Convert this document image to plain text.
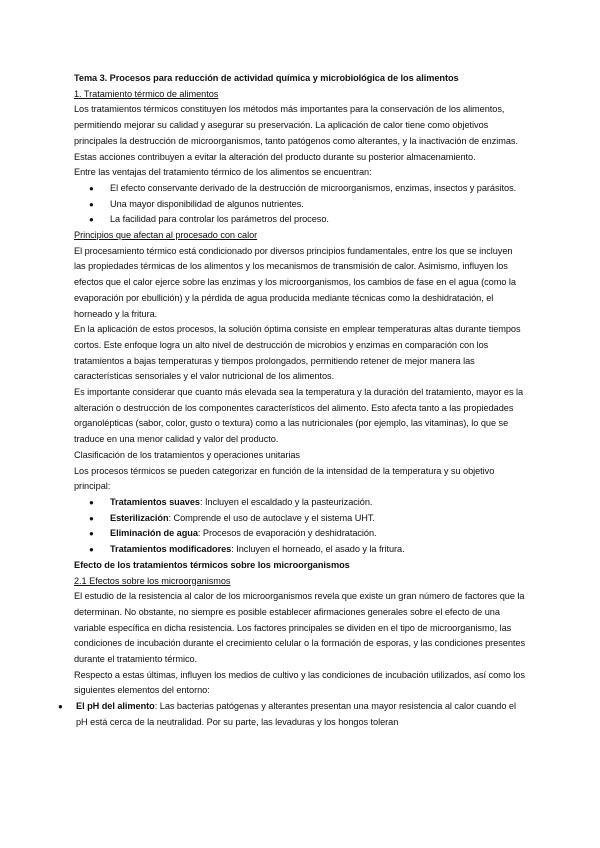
Tema 3. Procesos para reducción de actividad química y microbiológica de los alimentos

1. Tratamiento térmico de alimentos

Los tratamientos térmicos constituyen los métodos más importantes para la conservación de los alimentos, permitiendo mejorar su calidad y asegurar su preservación. La aplicación de calor tiene como objetivos principales la destrucción de microorganismos, tanto patógenos como alterantes, y la inactivación de enzimas. Estas acciones contribuyen a evitar la alteración del producto durante su posterior almacenamiento.

Entre las ventajas del tratamiento térmico de los alimentos se encuentran:

● El efecto conservante derivado de la destrucción de microorganismos, enzimas, insectos y parásitos.
● Una mayor disponibilidad de algunos nutrientes.
● La facilidad para controlar los parámetros del proceso.

Principios que afectan al procesado con calor

El procesamiento térmico está condicionado por diversos principios fundamentales, entre los que se incluyen las propiedades térmicas de los alimentos y los mecanismos de transmisión de calor. Asimismo, influyen los efectos que el calor ejerce sobre las enzimas y los microorganismos, los cambios de fase en el agua (como la evaporación por ebullición) y la pérdida de agua producida mediante técnicas como la deshidratación, el horneado y la fritura.

En la aplicación de estos procesos, la solución óptima consiste en emplear temperaturas altas durante tiempos cortos. Este enfoque logra un alto nivel de destrucción de microbios y enzimas en comparación con los tratamientos a bajas temperaturas y tiempos prolongados, permitiendo retener de mejor manera las características sensoriales y el valor nutricional de los alimentos.

Es importante considerar que cuanto más elevada sea la temperatura y la duración del tratamiento, mayor es la alteración o destrucción de los componentes característicos del alimento. Esto afecta tanto a las propiedades organolépticas (sabor, color, gusto o textura) como a las nutricionales (por ejemplo, las vitaminas), lo que se traduce en una menor calidad y valor del producto.

Clasificación de los tratamientos y operaciones unitarias

Los procesos térmicos se pueden categorizar en función de la intensidad de la temperatura y su objetivo principal:

● Tratamientos suaves: Incluyen el escaldado y la pasteurización.
● Esterilización: Comprende el uso de autoclave y el sistema UHT.
● Eliminación de agua: Procesos de evaporación y deshidratación.
● Tratamientos modificadores: Incluyen el horneado, el asado y la fritura.

Efecto de los tratamientos térmicos sobre los microorganismos

2.1 Efectos sobre los microorganismos

El estudio de la resistencia al calor de los microorganismos revela que existe un gran número de factores que la determinan. No obstante, no siempre es posible establecer afirmaciones generales sobre el efecto de una variable específica en dicha resistencia. Los factores principales se dividen en el tipo de microorganismo, las condiciones de incubación durante el crecimiento celular o la formación de esporas, y las condiciones presentes durante el tratamiento térmico.

Respecto a estas últimas, influyen los medios de cultivo y las condiciones de incubación utilizados, así como los siguientes elementos del entorno:

● El pH del alimento: Las bacterias patógenas y alterantes presentan una mayor resistencia al calor cuando el pH está cerca de la neutralidad. Por su parte, las levaduras y los hongos toleran
